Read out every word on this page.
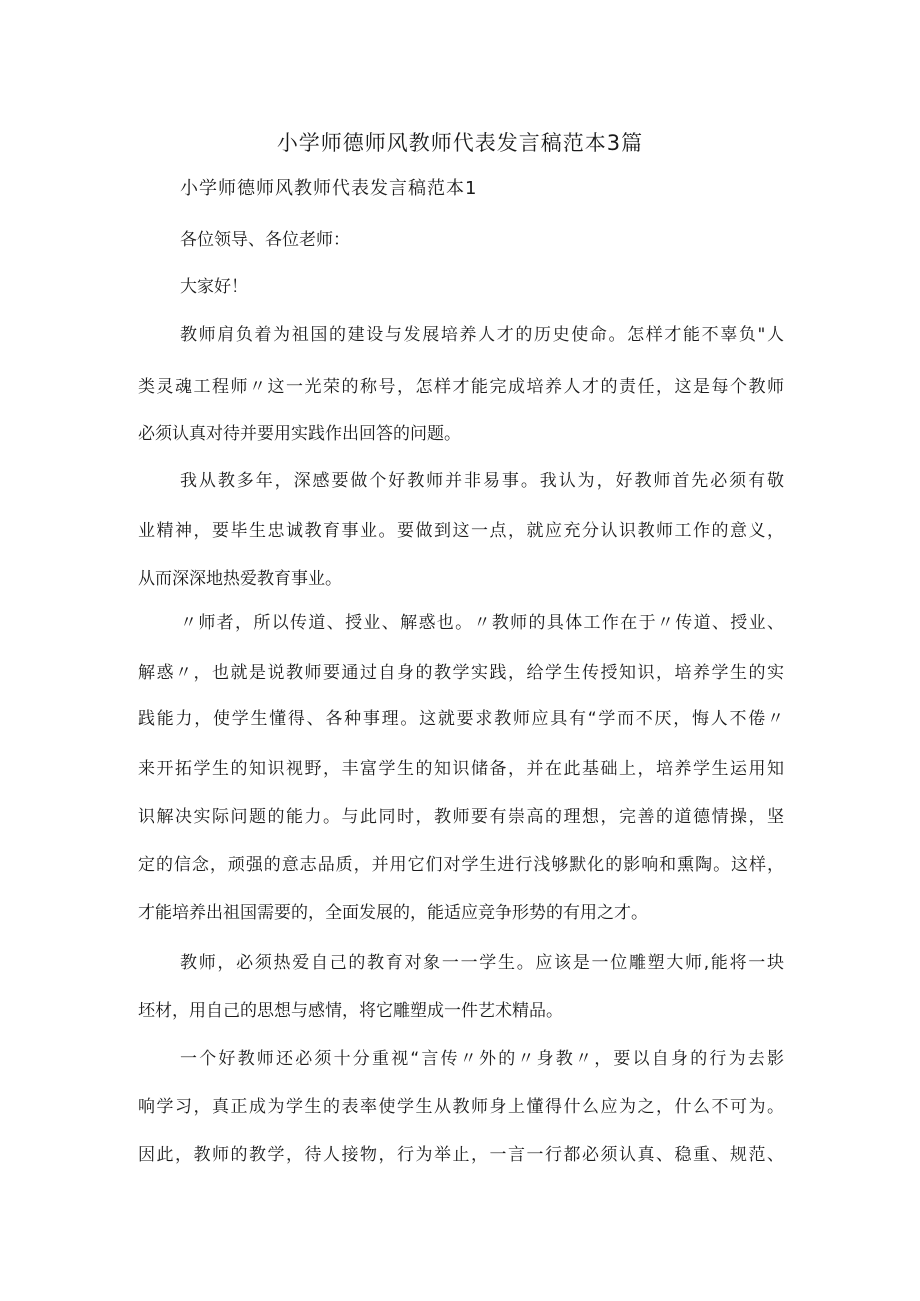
小学师德师风教师代表发言稿范本3篇

小学师德师风教师代表发言稿范本1

各位领导、各位老师：

大家好！

教师肩负着为祖国的建设与发展培养人才的历史使命。怎样才能不辜负"人

类灵魂工程师〃这一光荣的称号，怎样才能完成培养人才的责任，这是每个教师

必须认真对待并要用实践作出回答的问题。

我从教多年，深感要做个好教师并非易事。我认为，好教师首先必须有敬

业精神，要毕生忠诚教育事业。要做到这一点，就应充分认识教师工作的意义，

从而深深地热爱教育事业。

〃师者，所以传道、授业、解惑也。〃教师的具体工作在于〃传道、授业、

解惑〃，也就是说教师要通过自身的教学实践，给学生传授知识，培养学生的实

践能力，使学生懂得、各种事理。这就要求教师应具有“学而不厌，悔人不倦〃

来开拓学生的知识视野，丰富学生的知识储备，并在此基础上，培养学生运用知

识解决实际问题的能力。与此同时，教师要有崇高的理想，完善的道德情操，坚

定的信念，顽强的意志品质，并用它们对学生进行浅够默化的影响和熏陶。这样，

才能培养出祖国需要的，全面发展的，能适应竞争形势的有用之才。

教师，必须热爱自己的教育对象一一学生。应该是一位雕塑大师,能将一块

坯材，用自己的思想与感情，将它雕塑成一件艺术精品。

一个好教师还必须十分重视“言传〃外的〃身教〃，要以自身的行为去影

响学习，真正成为学生的表率使学生从教师身上懂得什么应为之，什么不可为。

因此，教师的教学，待人接物，行为举止，一言一行都必须认真、稳重、规范、
